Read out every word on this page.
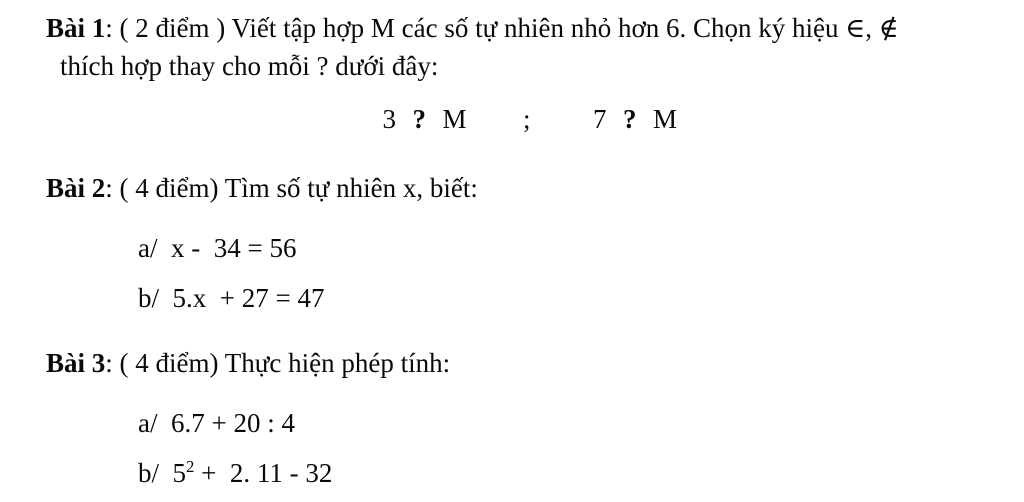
Bài 1: ( 2 điểm ) Viết tập hợp M các số tự nhiên nhỏ hơn 6. Chọn ký hiệu ∈, ∉
thích hợp thay cho mỗi ? dưới đây:
3 ? M ; 7 ? M
Bài 2: ( 4 điểm) Tìm số tự nhiên x, biết:
a/  x -  34 = 56
b/  5.x  + 27 = 47
Bài 3: ( 4 điểm) Thực hiện phép tính:
a/  6.7 + 20 : 4
b/  $5^2 + 2$. 11 - 32
